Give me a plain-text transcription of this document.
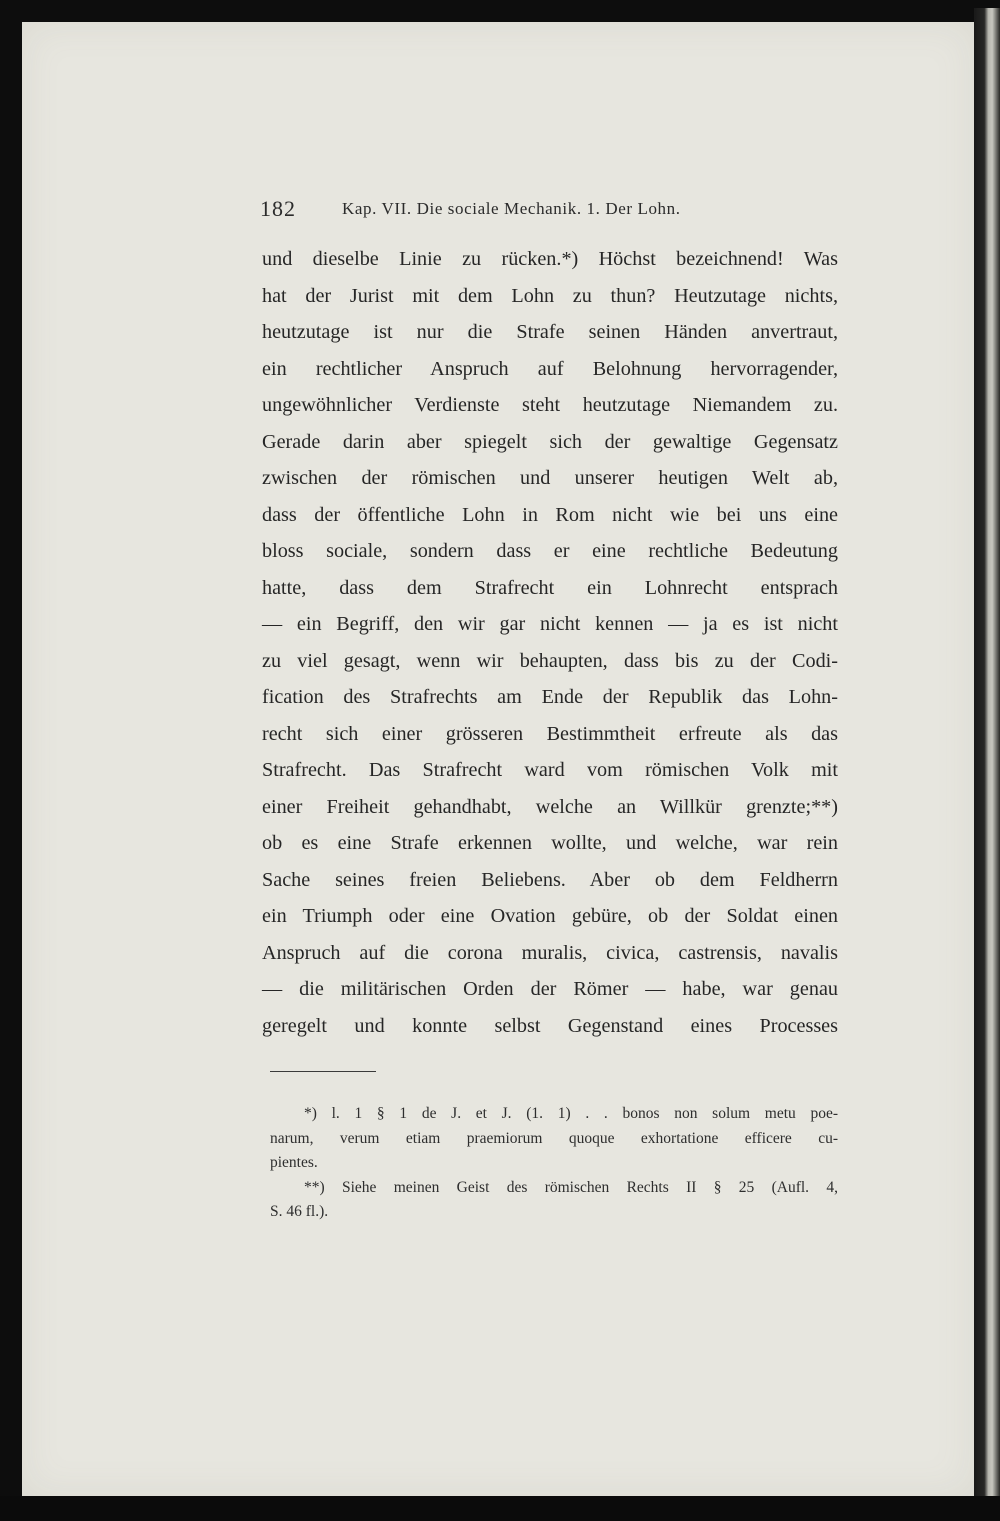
182	Kap. VII. Die sociale Mechanik. 1. Der Lohn.
und dieselbe Linie zu rücken.*) Höchst bezeichnend! Was
hat der Jurist mit dem Lohn zu thun? Heutzutage nichts,
heutzutage ist nur die Strafe seinen Händen anvertraut,
ein rechtlicher Anspruch auf Belohnung hervorragender,
ungewöhnlicher Verdienste steht heutzutage Niemandem zu.
Gerade darin aber spiegelt sich der gewaltige Gegensatz
zwischen der römischen und unserer heutigen Welt ab,
dass der öffentliche Lohn in Rom nicht wie bei uns eine
bloss sociale, sondern dass er eine rechtliche Bedeutung
hatte, dass dem Strafrecht ein Lohnrecht entsprach
— ein Begriff, den wir gar nicht kennen — ja es ist nicht
zu viel gesagt, wenn wir behaupten, dass bis zu der Codi-
fication des Strafrechts am Ende der Republik das Lohn-
recht sich einer grösseren Bestimmtheit erfreute als das
Strafrecht. Das Strafrecht ward vom römischen Volk mit
einer Freiheit gehandhabt, welche an Willkür grenzte;**)
ob es eine Strafe erkennen wollte, und welche, war rein
Sache seines freien Beliebens. Aber ob dem Feldherrn
ein Triumph oder eine Ovation gebüre, ob der Soldat einen
Anspruch auf die corona muralis, civica, castrensis, navalis
— die militärischen Orden der Römer — habe, war genau
geregelt und konnte selbst Gegenstand eines Processes
*) l. 1 § 1 de J. et J. (1. 1) . . bonos non solum metu poe-
narum, verum etiam praemiorum quoque exhortatione efficere cu-
pientes.
**) Siehe meinen Geist des römischen Rechts II § 25 (Aufl. 4,
S. 46 fl.).
